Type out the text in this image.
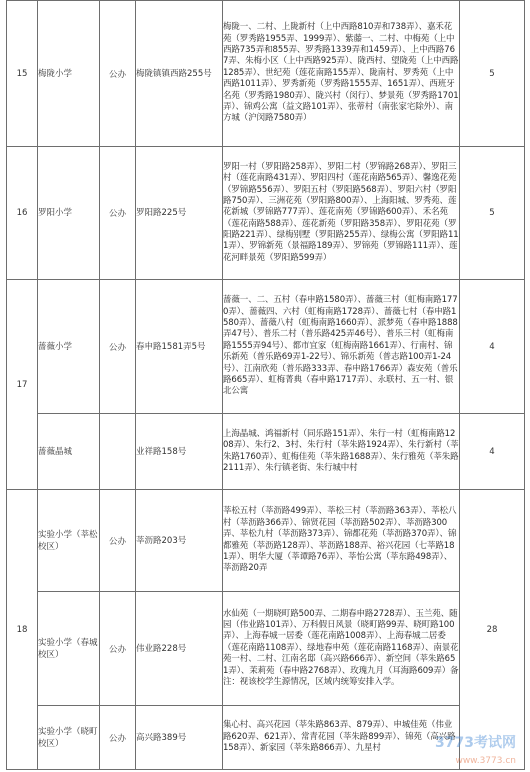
15	梅陇小学	公办	梅陇镇镇西路255号	梅陇一、二村、上陇新村（上中西路810弄和738弄）、嘉禾花苑（罗秀路1955弄、1999弄）、紫藤一、二村、中梅苑（上中西路735弄和855弄、罗秀路1339弄和1459弄）、上中西路767弄、朱梅小区（上中西路925弄）、陇西村、望陇苑（上中西路1285弄）、世纪苑（莲花南路155弄）、陇南村、罗秀苑（上中西路1011弄）、罗秀新苑（罗秀路1555弄、1651弄）、西班牙名苑（罗秀路1980弄）、陇兴村（闵行）、梦景苑（罗秀路1701弄）、锦鸡公寓（益文路101弄）、张蒂村（南张家宅除外）、南方城（沪闵路7580弄）	5
16	罗阳小学	公办	罗阳路225号	罗阳一村（罗阳路258弄）、罗阳二村（罗锦路268弄）、罗阳三村（莲花南路431弄）、罗阳四村（莲花南路565弄）、馨逸花苑（罗锦路556弄）、罗阳五村（罗阳路568弄）、罗阳六村（罗阳路750弄）、三洲花苑（罗阳路800弄）、上海阳城、罗秀苑、莲花新城（罗锦路777弄）、莲花南苑（罗锦路600弄）、禾名苑（莲花南路588弄）、莲花新苑（罗阳路358弄）、罗阳花苑（罗阳路221弄）、绿梅别墅（罗阳路255弄）、绿梅公寓（罗阳路111弄）、罗锦新苑（景福路189弄）、罗锦苑（罗锦路111弄）、莲花河畔景苑（罗阳路599弄）	5
17	蔷薇小学	公办	春申路1581弄5号	蔷薇一、二、五村（春申路1580弄）、蔷薇三村（虹梅南路1770弄）、蔷薇四、六村（虹梅南路1728弄）、蔷薇七村（春申路1580弄）、蔷薇八村（虹梅南路1660弄）、派梦苑（春申路1888弄47号）、普乐二村（普乐路425弄46号）、普乐三村（虹梅南路1555弄94号）、都市宜家（虹梅南路1661弄）、行南村、锦乐新苑（普乐路69弄1-22号）、锦乐新苑（普志路100弄1-24号）、江南欣苑（普乐路333弄、春申路1766弄）森安苑（普乐路665弄）、虹梅菁典（春申路1717弄）、永联村、五一村、银北公寓	4
	蔷薇晶城		业祥路158号	上海晶城、鸿福新村（同乐路151弄）、朱行一村（虹梅南路1208弄）、朱行2、3村、朱行村（莘朱路1924弄）、朱行新村（莘朱路1760弄）、虹梅佳苑（莘朱路1688弄）、朱行雅苑（莘朱路2111弄）、朱行镇老街、朱行城中村	4
18	实验小学（莘松校区）	公办	莘沥路203号	莘松五村（莘沥路499弄）、莘松三村（莘沥路363弄）、莘松八村（莘沥路366弄）、锦贤花园（莘沥路502弄）、莘沥路300弄、莘松九村（莘沥路373弄）、锦都花苑（莘沥路370弄）、锦都雅苑（莘沥路128弄）、莘沥路188弄、裕兴花园（七莘路181弄）、明华大厦（莘谭路76弄）、莘怡公寓（莘东路498弄）、莘沥路20弄	28
	实验小学（春城校区）	公办	伟业路228号	水仙苑（一期晓町路500弄、二期春申路2728弄）、玉兰苑、随园（伟业路101弄）、万科假日风景（晓町路99弄、晓町路100弄）、上海春城一居委（莲花南路1008弄）、上海春城二居委（莲花南路1108弄）、绿地春申苑（莲花南路1168弄）、南景花苑一村、二村、江南名邸（高兴路666弄）、新空间（莘朱路651弄）、茉莉苑（春申路2768弄）、玫瑰九月（耳海路609弄）备注：视该校学生源情况，区域内统筹安排入学。	
	实验小学（晓町校区）	公办	高兴路389号	集心村、高兴花园（莘朱路863弄、879弄）、申城佳苑（伟业路620弄、621弄）、常青花园（莘朱路899弄）、锦苑（高兴路158弄）、新家园（莘朱路866弄）、九星村		3773考试网
www.3773.cn
